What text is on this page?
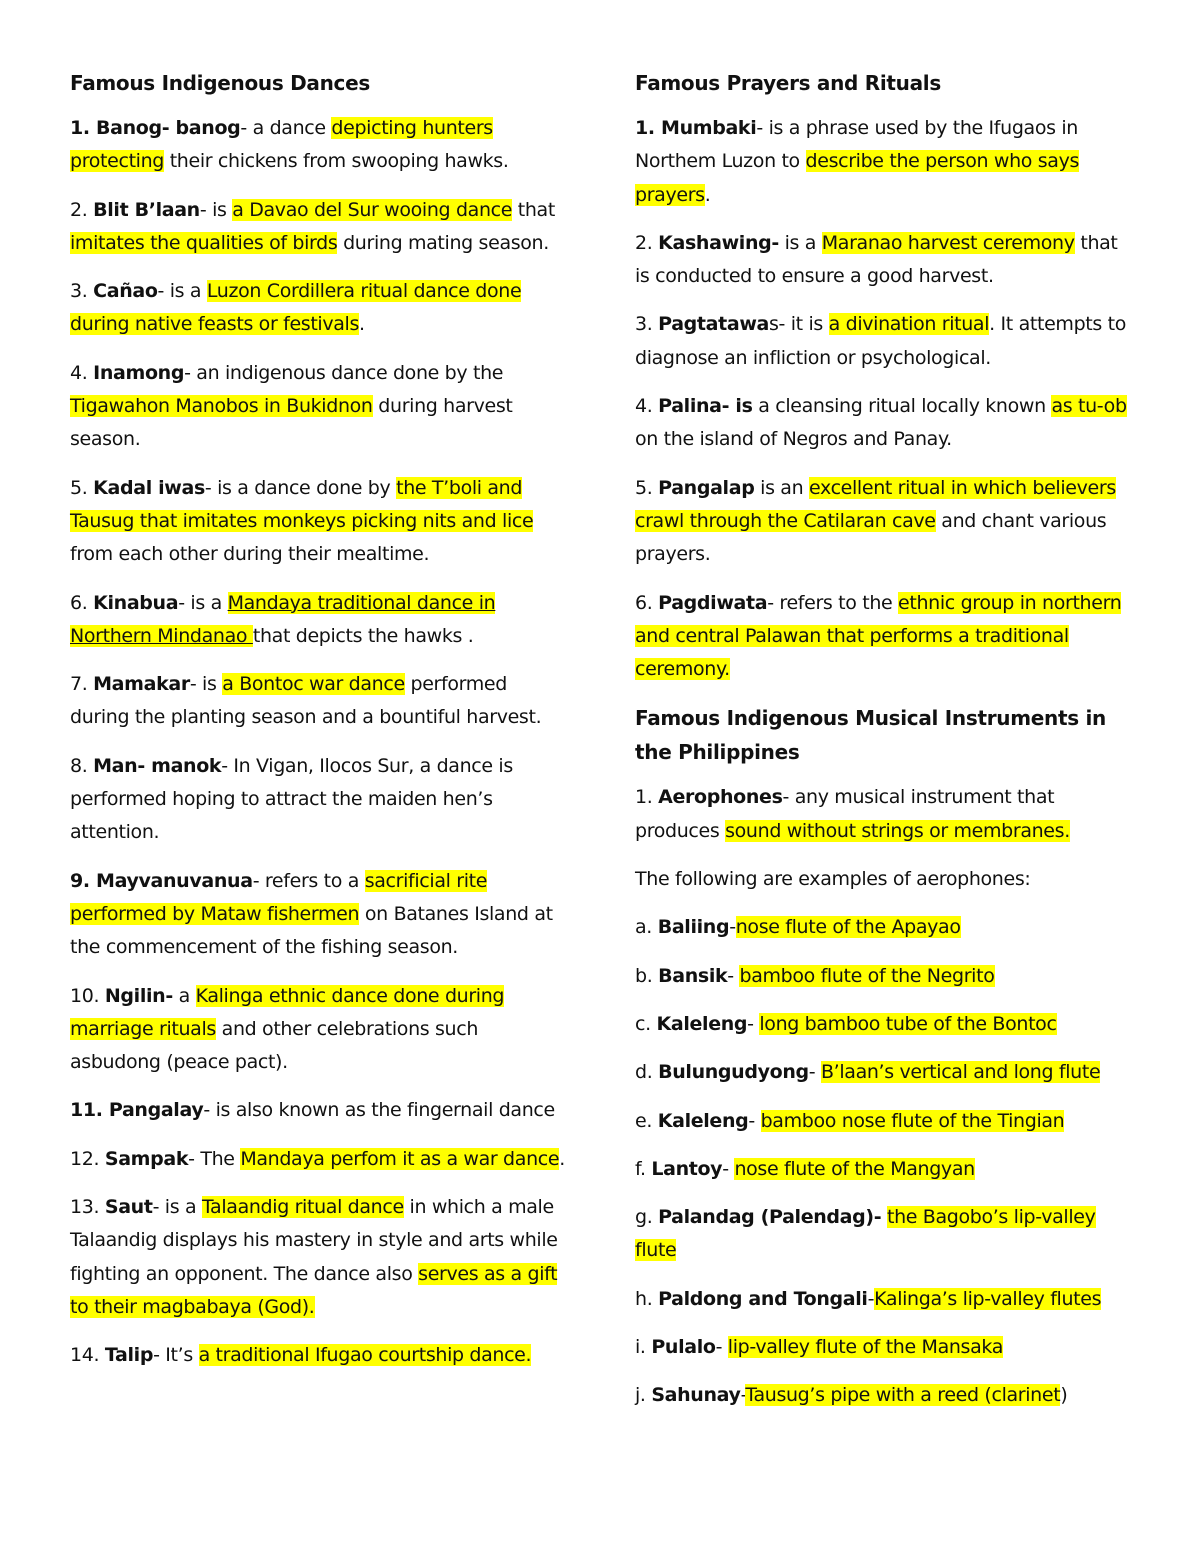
Famous Indigenous Dances
1. Banog- banog- a dance depicting hunters protecting their chickens from swooping hawks.
2. Blit B’laan- is a Davao del Sur wooing dance that imitates the qualities of birds during mating season.
3. Cañao- is a Luzon Cordillera ritual dance done during native feasts or festivals.
4. Inamong- an indigenous dance done by the Tigawahon Manobos in Bukidnon during harvest season.
5. Kadal iwas- is a dance done by the T’boli and Tausug that imitates monkeys picking nits and lice from each other during their mealtime.
6. Kinabua- is a Mandaya traditional dance in Northern Mindanao that depicts the hawks .
7. Mamakar- is a Bontoc war dance performed during the planting season and a bountiful harvest.
8. Man- manok- In Vigan, Ilocos Sur, a dance is performed hoping to attract the maiden hen’s attention.
9. Mayvanuvanua- refers to a sacrificial rite performed by Mataw fishermen on Batanes Island at the commencement of the fishing season.
10. Ngilin- a Kalinga ethnic dance done during marriage rituals and other celebrations such asbudong (peace pact).
11. Pangalay- is also known as the fingernail dance
12. Sampak- The Mandaya perfom it as a war dance.
13. Saut- is a Talaandig ritual dance in which a male Talaandig displays his mastery in style and arts while fighting an opponent. The dance also serves as a gift to their magbabaya (God).
14. Talip- It’s a traditional Ifugao courtship dance.
Famous Prayers and Rituals
1. Mumbaki- is a phrase used by the Ifugaos in Northem Luzon to describe the person who says prayers.
2. Kashawing- is a Maranao harvest ceremony that is conducted to ensure a good harvest.
3. Pagtatawas- it is a divination ritual. It attempts to diagnose an infliction or psychological.
4. Palina- is a cleansing ritual locally known as tu-ob on the island of Negros and Panay.
5. Pangalap is an excellent ritual in which believers crawl through the Catilaran cave and chant various prayers.
6. Pagdiwata- refers to the ethnic group in northern and central Palawan that performs a traditional ceremony.
Famous Indigenous Musical Instruments in the Philippines
1. Aerophones- any musical instrument that produces sound without strings or membranes.
The following are examples of aerophones:
a. Baliing-nose flute of the Apayao
b. Bansik- bamboo flute of the Negrito
c. Kaleleng- long bamboo tube of the Bontoc
d. Bulungudyong- B’laan’s vertical and long flute
e. Kaleleng- bamboo nose flute of the Tingian
f. Lantoy- nose flute of the Mangyan
g. Palandag (Palendag)- the Bagobo’s lip-valley flute
h. Paldong and Tongali-Kalinga’s lip-valley flutes
i. Pulalo- lip-valley flute of the Mansaka
j. Sahunay-Tausug’s pipe with a reed (clarinet)
